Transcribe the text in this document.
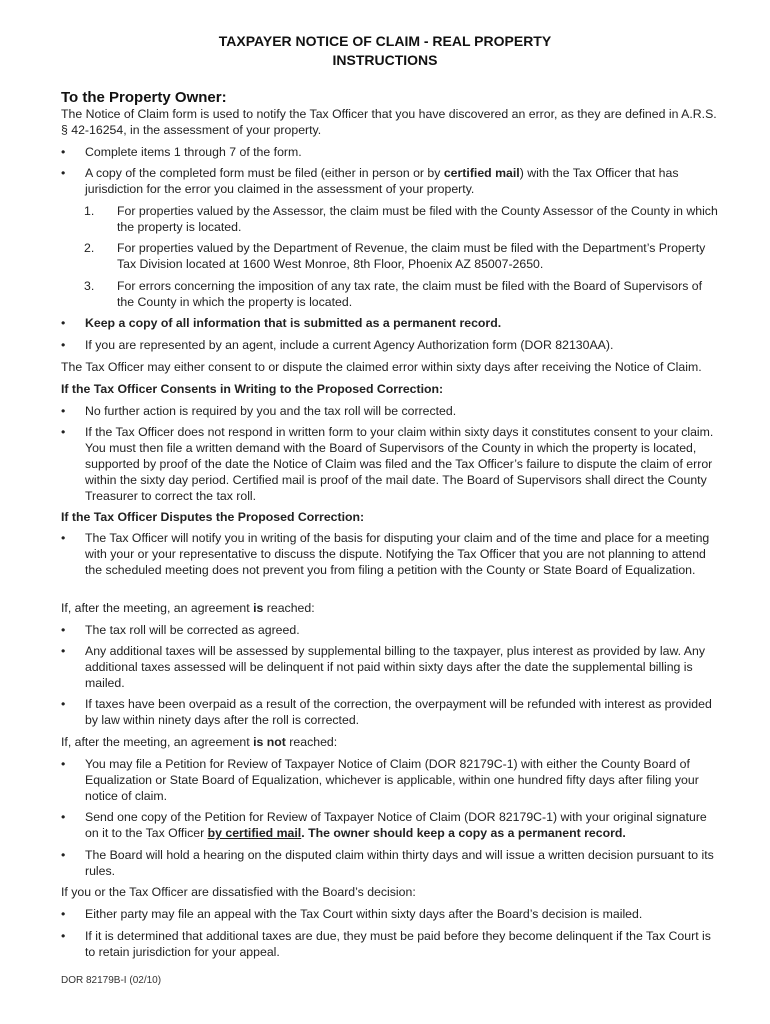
TAXPAYER NOTICE OF CLAIM - REAL PROPERTY
INSTRUCTIONS
To the Property Owner:
The Notice of Claim form is used to notify the Tax Officer that you have discovered an error, as they are defined in A.R.S. § 42-16254, in the assessment of your property.
• Complete items 1 through 7 of the form.
• A copy of the completed form must be filed (either in person or by certified mail) with the Tax Officer that has jurisdiction for the error you claimed in the assessment of your property.
1. For properties valued by the Assessor, the claim must be filed with the County Assessor of the County in which the property is located.
2. For properties valued by the Department of Revenue, the claim must be filed with the Department’s Property Tax Division located at 1600 West Monroe, 8th Floor, Phoenix AZ 85007-2650.
3. For errors concerning the imposition of any tax rate, the claim must be filed with the Board of Supervisors of the County in which the property is located.
• Keep a copy of all information that is submitted as a permanent record.
• If you are represented by an agent, include a current Agency Authorization form (DOR 82130AA).
The Tax Officer may either consent to or dispute the claimed error within sixty days after receiving the Notice of Claim.
If the Tax Officer Consents in Writing to the Proposed Correction:
• No further action is required by you and the tax roll will be corrected.
• If the Tax Officer does not respond in written form to your claim within sixty days it constitutes consent to your claim. You must then file a written demand with the Board of Supervisors of the County in which the property is located, supported by proof of the date the Notice of Claim was filed and the Tax Officer’s failure to dispute the claim of error within the sixty day period. Certified mail is proof of the mail date. The Board of Supervisors shall direct the County Treasurer to correct the tax roll.
If the Tax Officer Disputes the Proposed Correction:
• The Tax Officer will notify you in writing of the basis for disputing your claim and of the time and place for a meeting with your or your representative to discuss the dispute. Notifying the Tax Officer that you are not planning to attend the scheduled meeting does not prevent you from filing a petition with the County or State Board of Equalization.
If, after the meeting, an agreement is reached:
• The tax roll will be corrected as agreed.
• Any additional taxes will be assessed by supplemental billing to the taxpayer, plus interest as provided by law. Any additional taxes assessed will be delinquent if not paid within sixty days after the date the supplemental billing is mailed.
• If taxes have been overpaid as a result of the correction, the overpayment will be refunded with interest as provided by law within ninety days after the roll is corrected.
If, after the meeting, an agreement is not reached:
• You may file a Petition for Review of Taxpayer Notice of Claim (DOR 82179C-1) with either the County Board of Equalization or State Board of Equalization, whichever is applicable, within one hundred fifty days after filing your notice of claim.
• Send one copy of the Petition for Review of Taxpayer Notice of Claim (DOR 82179C-1) with your original signature on it to the Tax Officer by certified mail. The owner should keep a copy as a permanent record.
• The Board will hold a hearing on the disputed claim within thirty days and will issue a written decision pursuant to its rules.
If you or the Tax Officer are dissatisfied with the Board’s decision:
• Either party may file an appeal with the Tax Court within sixty days after the Board’s decision is mailed.
• If it is determined that additional taxes are due, they must be paid before they become delinquent if the Tax Court is to retain jurisdiction for your appeal.
DOR 82179B-I (02/10)
